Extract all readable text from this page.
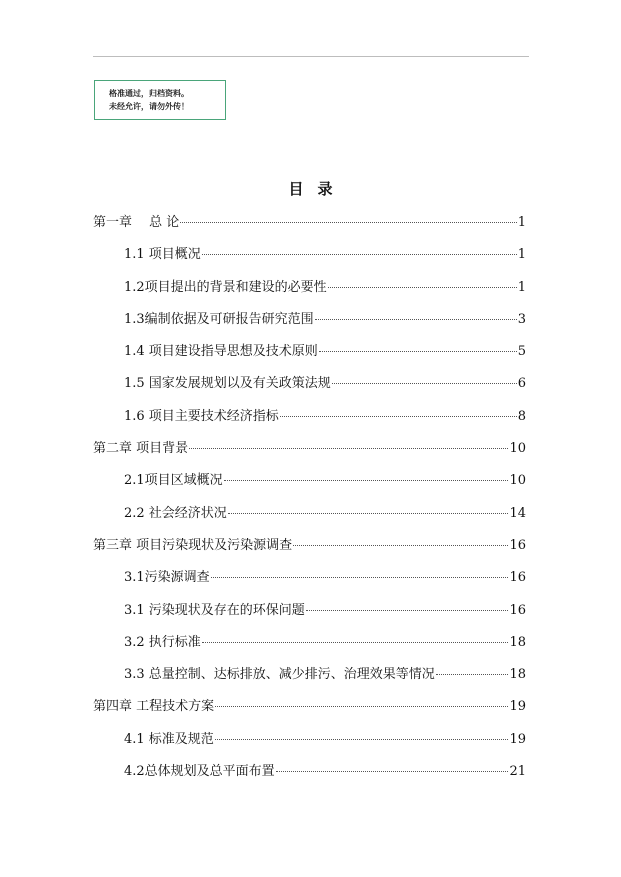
格准通过，归档资料。
未经允许，请勿外传！
目录
第一章　 总 论	1
1.1 项目概况	1
1.2项目提出的背景和建设的必要性	1
1.3编制依据及可研报告研究范围	3
1.4 项目建设指导思想及技术原则	5
1.5 国家发展规划以及有关政策法规	6
1.6 项目主要技术经济指标	8
第二章 项目背景	10
2.1项目区域概况	10
2.2 社会经济状况	14
第三章 项目污染现状及污染源调查	16
3.1污染源调查	16
3.1 污染现状及存在的环保问题	16
3.2 执行标准	18
3.3 总量控制、达标排放、减少排污、治理效果等情况	18
第四章 工程技术方案	19
4.1 标准及规范	19
4.2总体规划及总平面布置	21
